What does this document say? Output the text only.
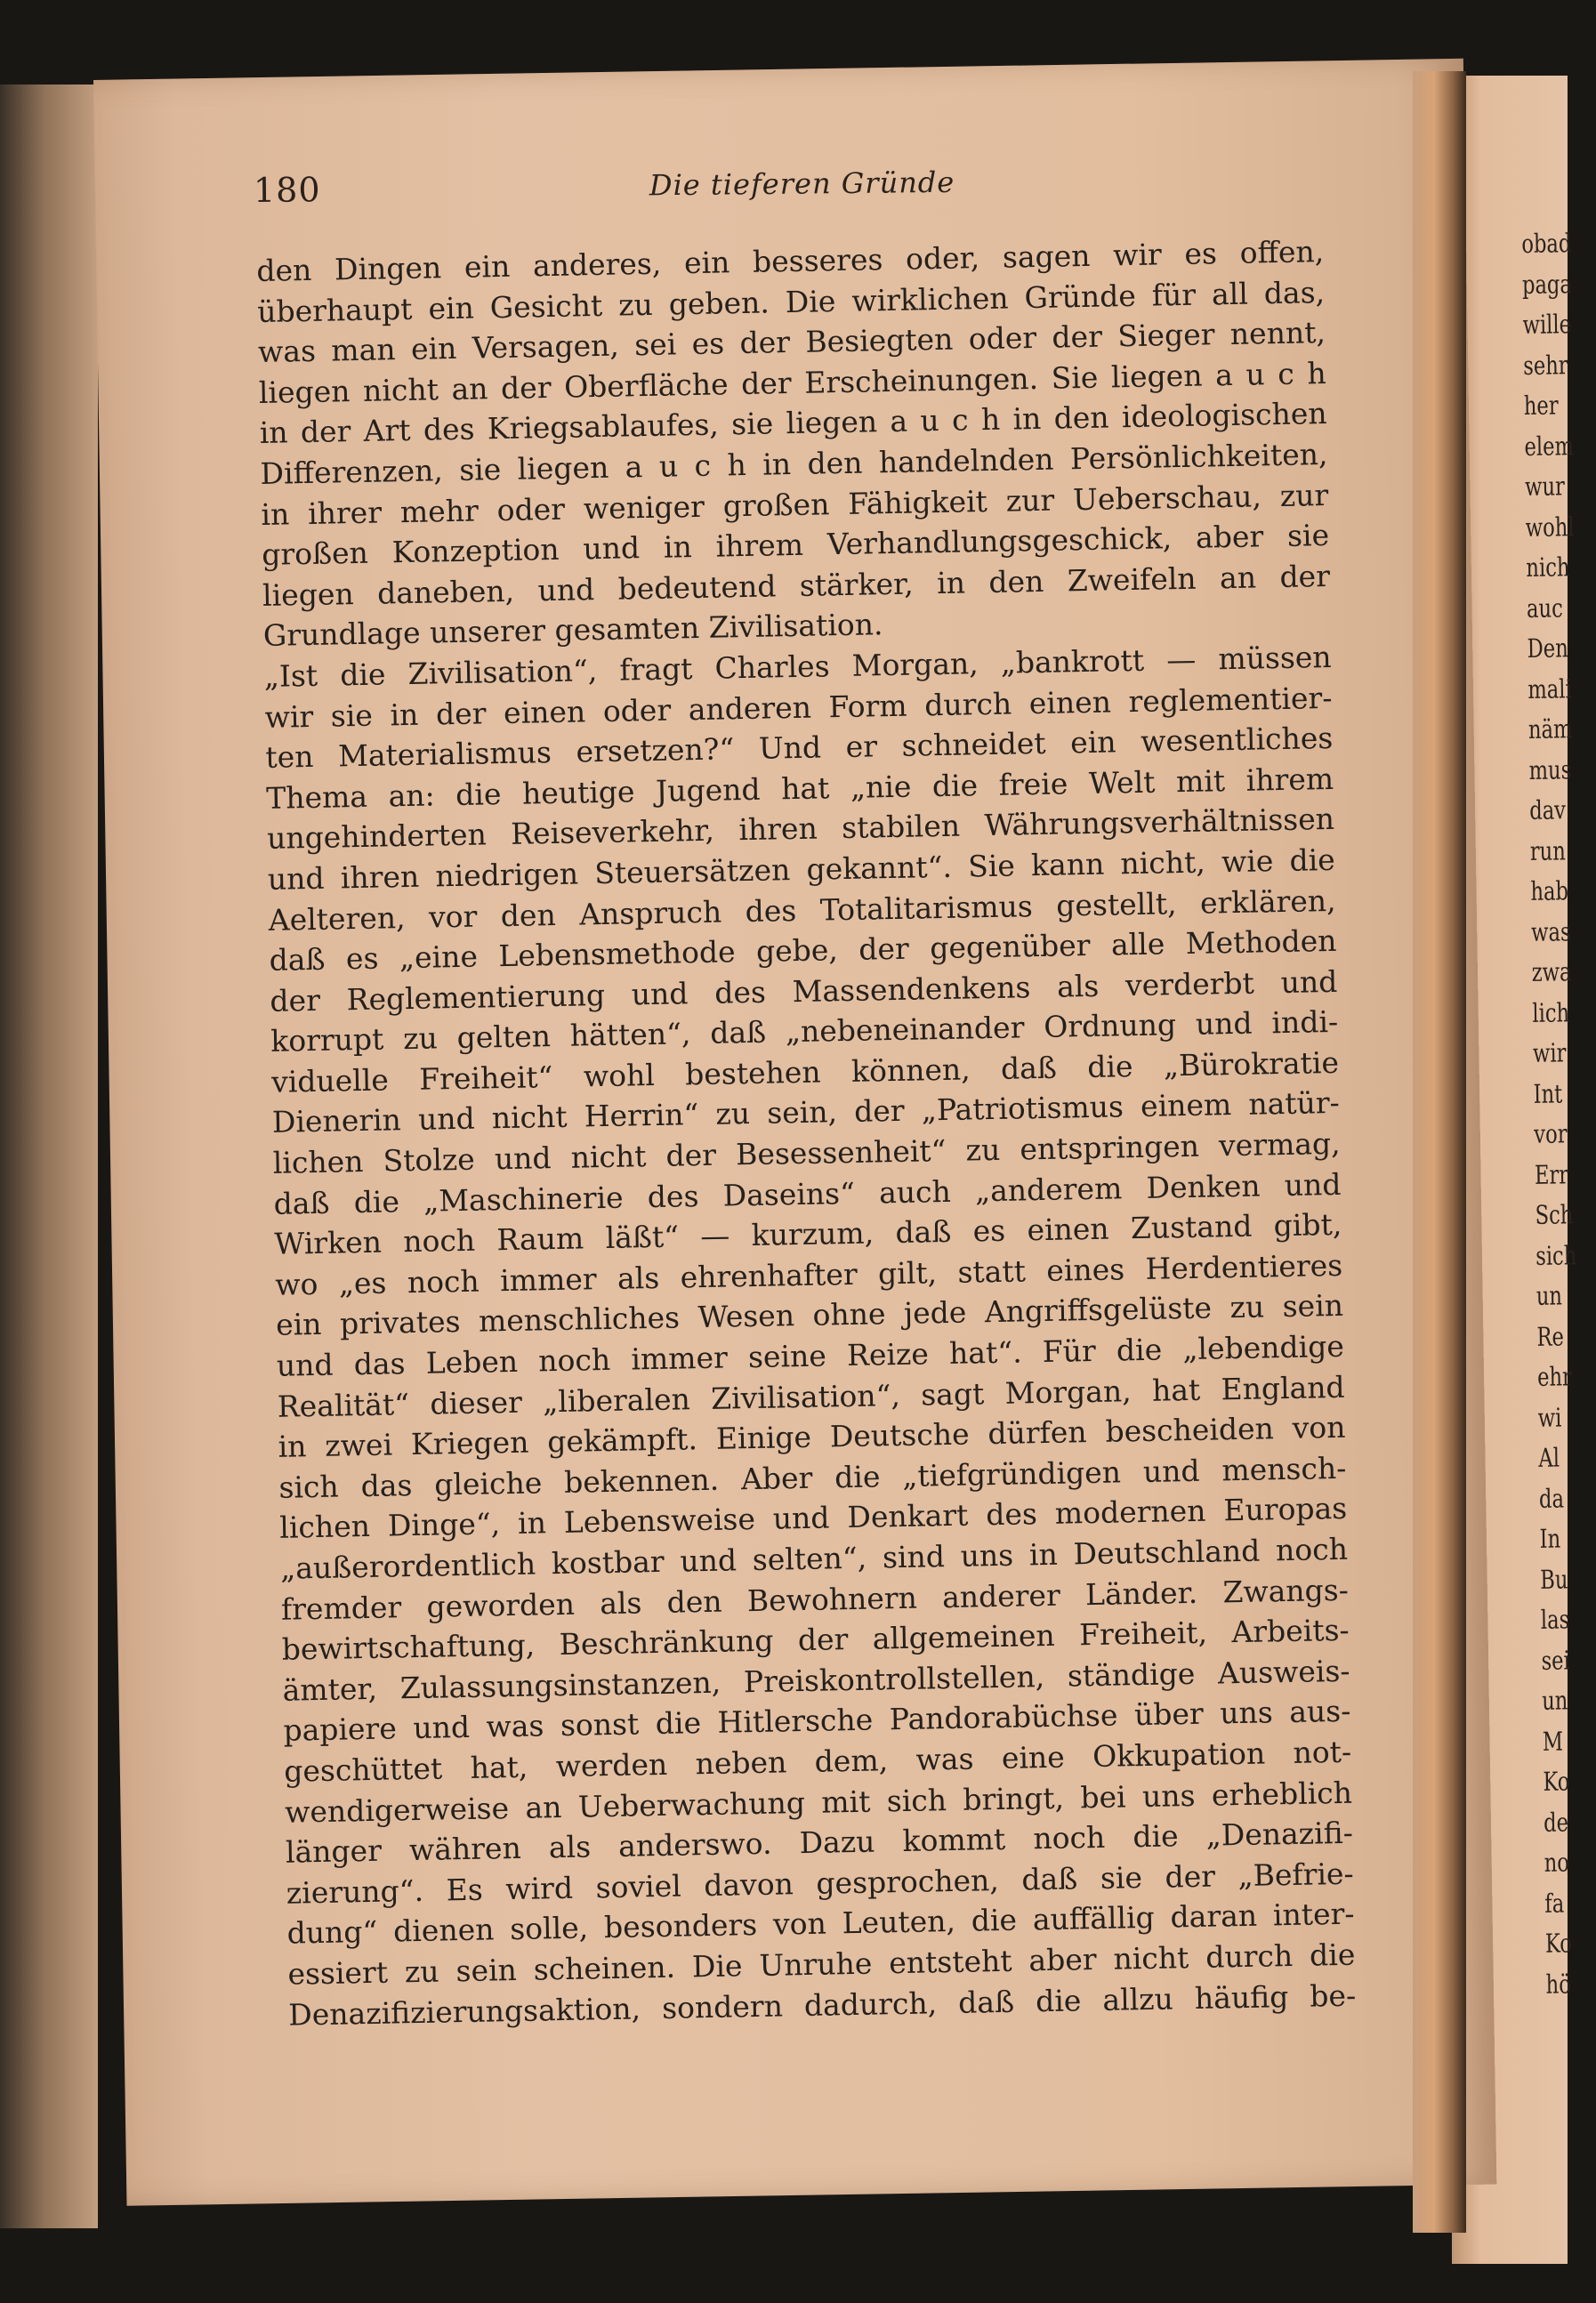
180	Die tieferen Gründe
den Dingen ein anderes, ein besseres oder, sagen wir es offen,
überhaupt ein Gesicht zu geben. Die wirklichen Gründe für all das,
was man ein Versagen, sei es der Besiegten oder der Sieger nennt,
liegen nicht an der Oberfläche der Erscheinungen. Sie liegen a u c h
in der Art des Kriegsablaufes, sie liegen a u c h in den ideologischen
Differenzen, sie liegen a u c h in den handelnden Persönlichkeiten,
in ihrer mehr oder weniger großen Fähigkeit zur Ueberschau, zur
großen Konzeption und in ihrem Verhandlungsgeschick, aber sie
liegen daneben, und bedeutend stärker, in den Zweifeln an der
Grundlage unserer gesamten Zivilisation.
„Ist die Zivilisation“, fragt Charles Morgan, „bankrott — müssen
wir sie in der einen oder anderen Form durch einen reglementier-
ten Materialismus ersetzen?“ Und er schneidet ein wesentliches
Thema an: die heutige Jugend hat „nie die freie Welt mit ihrem
ungehinderten Reiseverkehr, ihren stabilen Währungsverhältnissen
und ihren niedrigen Steuersätzen gekannt“. Sie kann nicht, wie die
Aelteren, vor den Anspruch des Totalitarismus gestellt, erklären,
daß es „eine Lebensmethode gebe, der gegenüber alle Methoden
der Reglementierung und des Massendenkens als verderbt und
korrupt zu gelten hätten“, daß „nebeneinander Ordnung und indi-
viduelle Freiheit“ wohl bestehen können, daß die „Bürokratie
Dienerin und nicht Herrin“ zu sein, der „Patriotismus einem natür-
lichen Stolze und nicht der Besessenheit“ zu entspringen vermag,
daß die „Maschinerie des Daseins“ auch „anderem Denken und
Wirken noch Raum läßt“ — kurzum, daß es einen Zustand gibt,
wo „es noch immer als ehrenhafter gilt, statt eines Herdentieres
ein privates menschliches Wesen ohne jede Angriffsgelüste zu sein
und das Leben noch immer seine Reize hat“. Für die „lebendige
Realität“ dieser „liberalen Zivilisation“, sagt Morgan, hat England
in zwei Kriegen gekämpft. Einige Deutsche dürfen bescheiden von
sich das gleiche bekennen. Aber die „tiefgründigen und mensch-
lichen Dinge“, in Lebensweise und Denkart des modernen Europas
„außerordentlich kostbar und selten“, sind uns in Deutschland noch
fremder geworden als den Bewohnern anderer Länder. Zwangs-
bewirtschaftung, Beschränkung der allgemeinen Freiheit, Arbeits-
ämter, Zulassungsinstanzen, Preiskontrollstellen, ständige Ausweis-
papiere und was sonst die Hitlersche Pandorabüchse über uns aus-
geschüttet hat, werden neben dem, was eine Okkupation not-
wendigerweise an Ueberwachung mit sich bringt, bei uns erheblich
länger währen als anderswo. Dazu kommt noch die „Denazifi-
zierung“. Es wird soviel davon gesprochen, daß sie der „Befrie-
dung“ dienen solle, besonders von Leuten, die auffällig daran inter-
essiert zu sein scheinen. Die Unruhe entsteht aber nicht durch die
Denazifizierungsaktion, sondern dadurch, daß die allzu häufig be-
obad
paga
wille
sehr
her
elem
wur
wohl
nich
auc
Den
mali
näm
mus
dav
run
hab
was
zwa
lich
wir
Int
vor
Err
Sch
sich
un
Re
ehr
wi
Al
da
In
Bu
las
sei
un
M
Ko
de
no
fa
Ko
hö
